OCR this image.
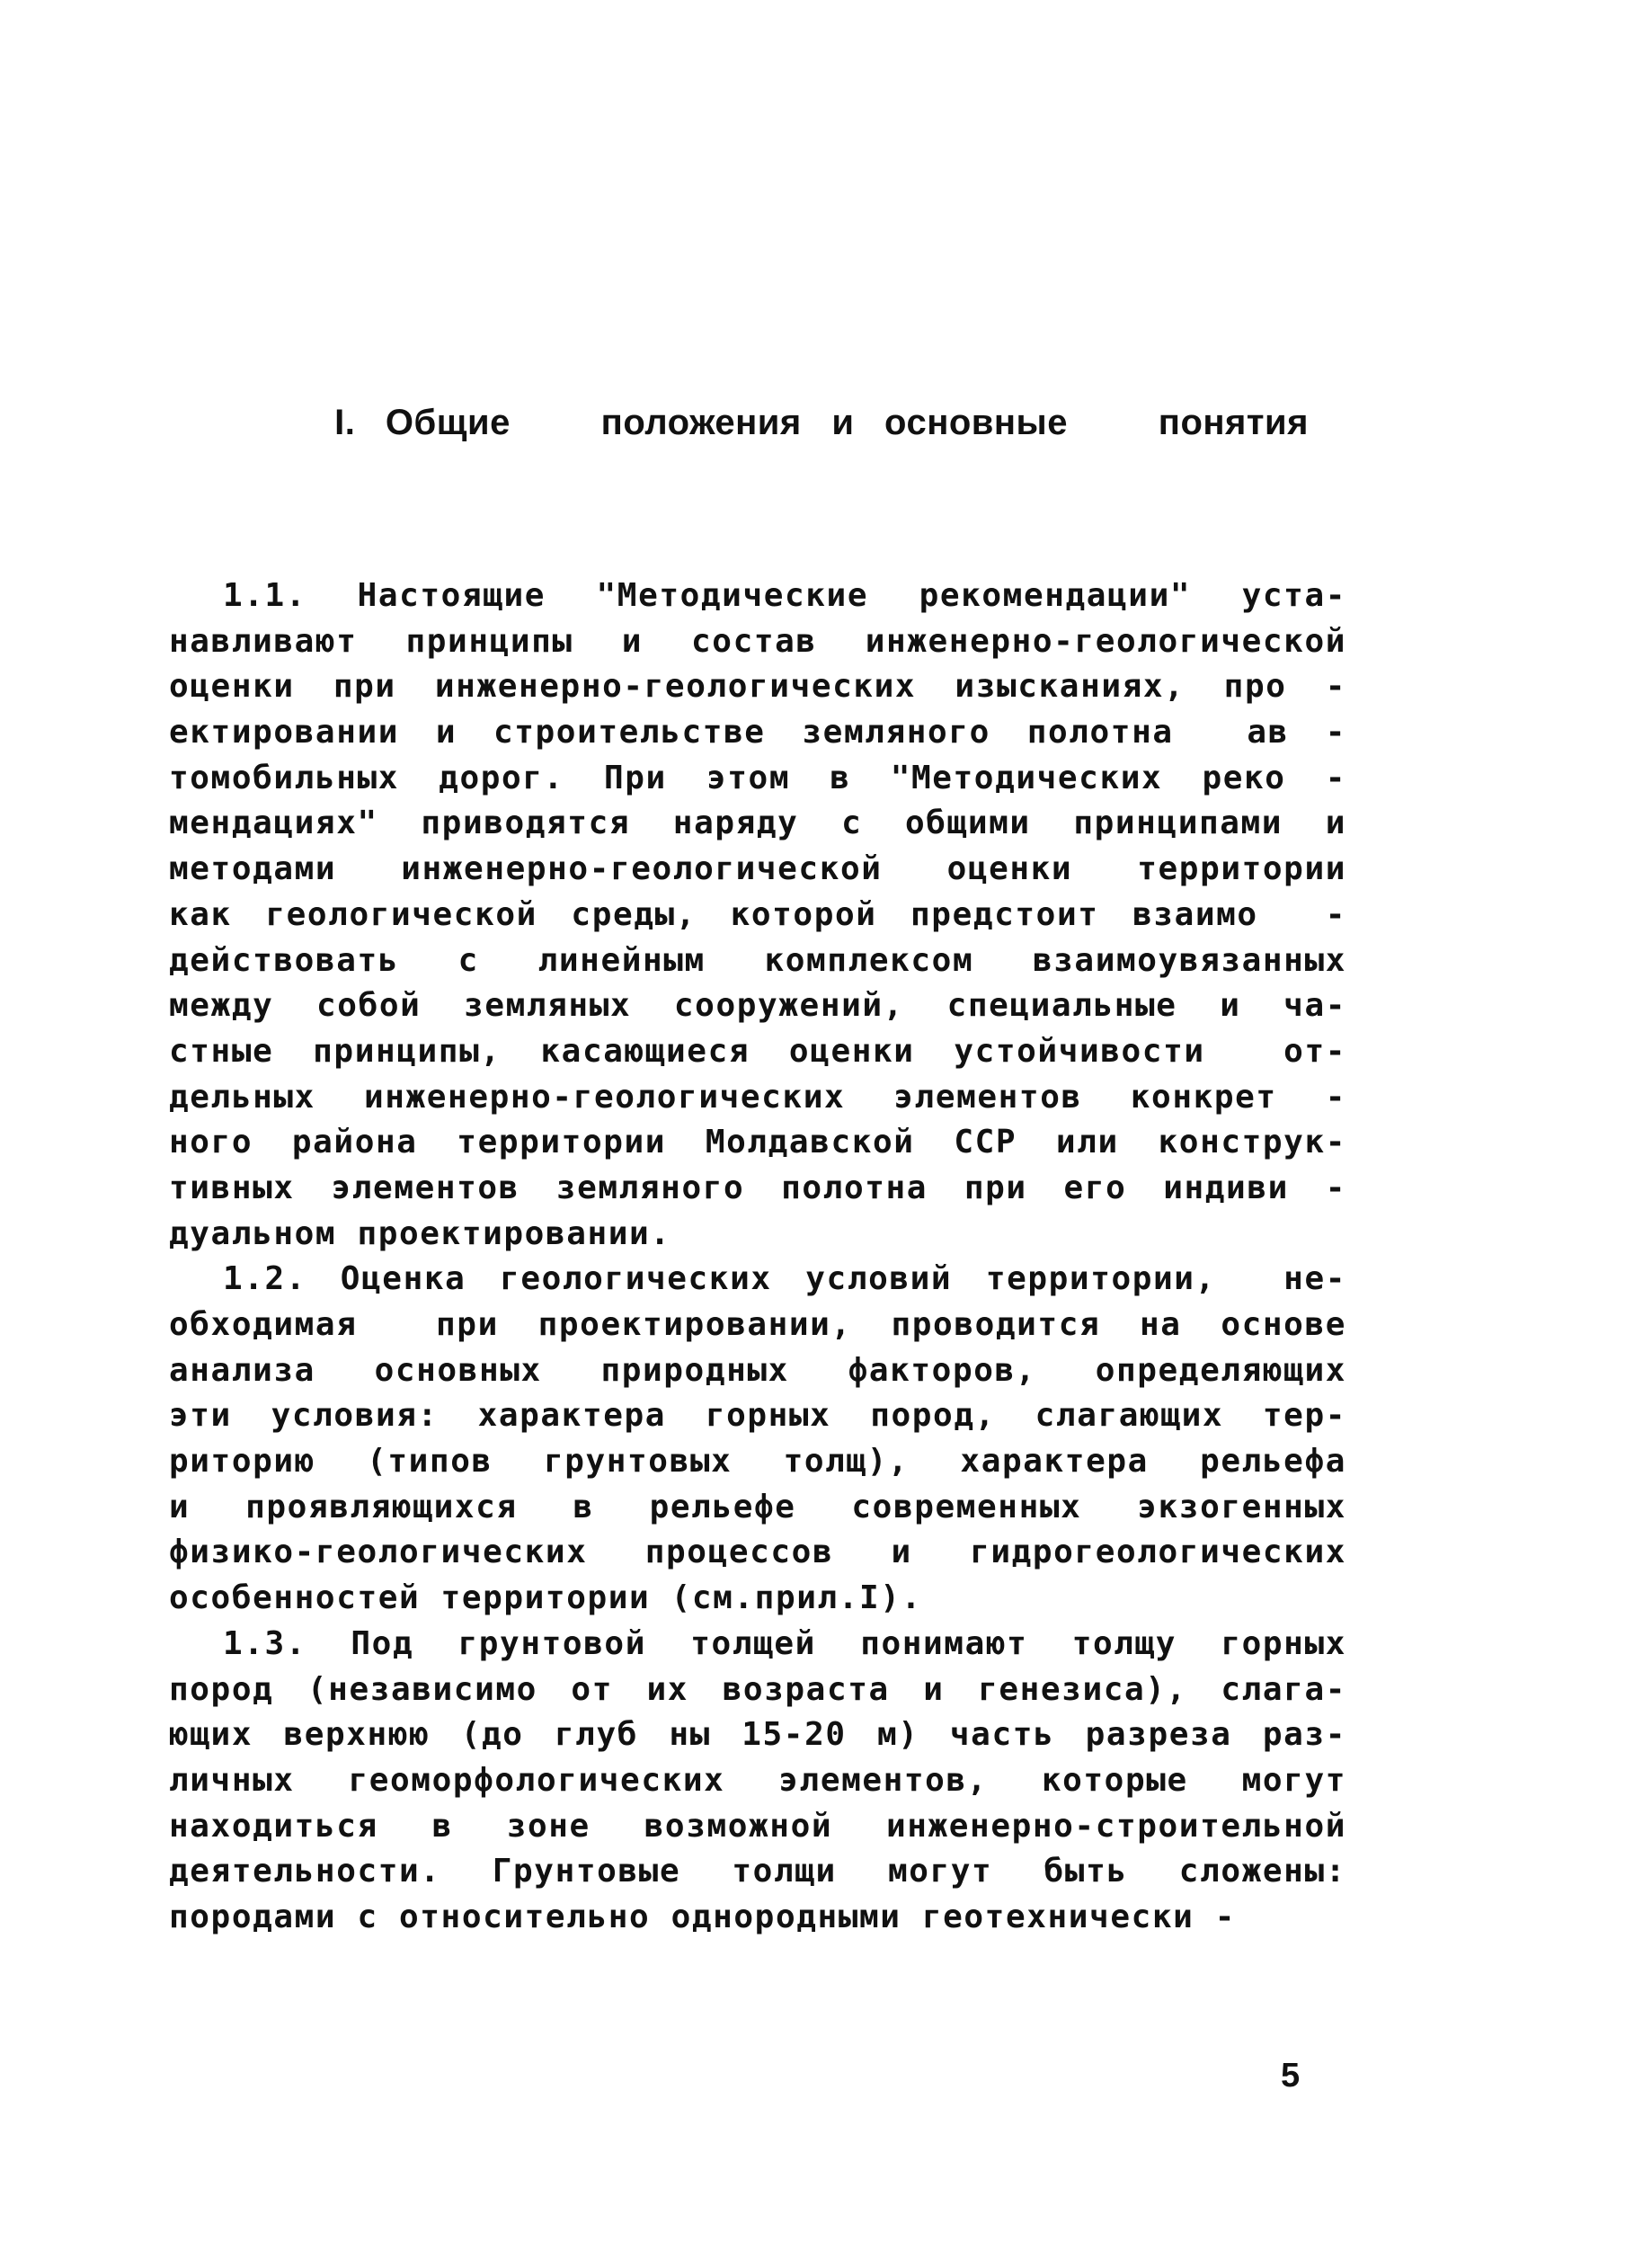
I. Общие   положения и основные   понятия
1.1. Настоящие "Методические рекомендации" уста-
навливают принципы и состав инженерно-геологической
оценки при инженерно-геологических изысканиях, про -
ектировании и строительстве земляного полотна  ав -
томобильных дорог. При этом в "Методических реко -
мендациях" приводятся наряду с общими принципами и
методами инженерно-геологической оценки территории
как геологической среды, которой предстоит взаимо  -
действовать с линейным комплексом взаимоувязанных
между собой земляных сооружений, специальные и ча-
стные принципы, касающиеся оценки устойчивости  от-
дельных инженерно-геологических элементов конкрет -
ного района территории Молдавской ССР или конструк-
тивных элементов земляного полотна при его индиви -
дуальном проектировании.
1.2. Оценка геологических условий территории,  не-
обходимая  при проектировании, проводится на основе
анализа основных природных факторов, определяющих
эти условия: характера горных пород, слагающих тер-
риторию (типов грунтовых толщ), характера рельефа
и проявляющихся в рельефе современных экзогенных
физико-геологических процессов и гидрогеологических
особенностей территории (см.прил.I).
1.3. Под грунтовой толщей понимают толщу горных
пород (независимо от их возраста и генезиса), слага-
ющих верхнюю (до глуб ны 15-20 м) часть разреза раз-
личных геоморфологических элементов, которые могут
находиться в зоне возможной инженерно-строительной
деятельности. Грунтовые толщи могут быть сложены:
породами с относительно однородными геотехнически -
5
